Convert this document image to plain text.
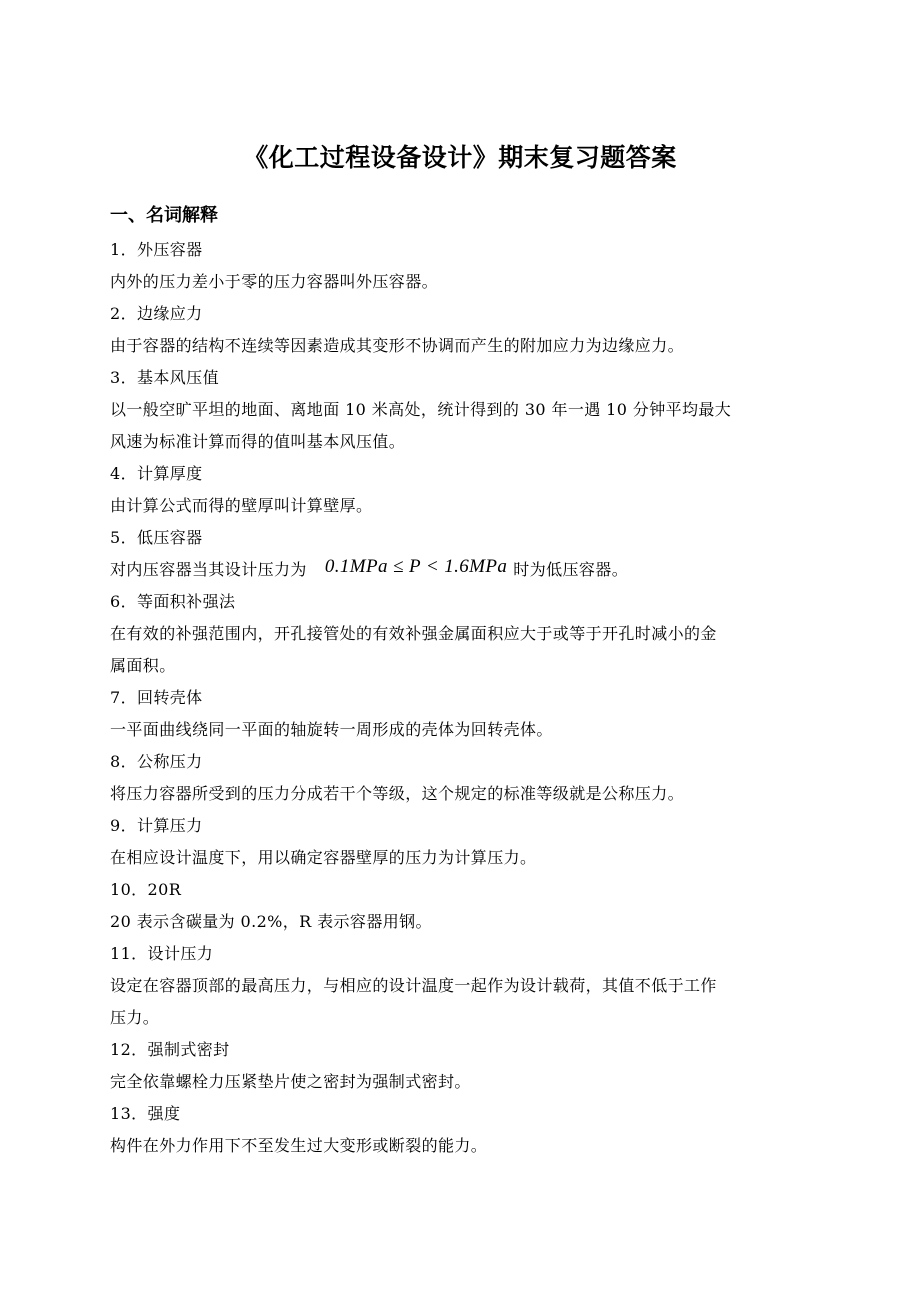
《化工过程设备设计》期末复习题答案
一、名词解释
1．外压容器
内外的压力差小于零的压力容器叫外压容器。
2．边缘应力
由于容器的结构不连续等因素造成其变形不协调而产生的附加应力为边缘应力。
3．基本风压值
以一般空旷平坦的地面、离地面 10 米高处，统计得到的 30 年一遇 10 分钟平均最大
风速为标准计算而得的值叫基本风压值。
4．计算厚度
由计算公式而得的壁厚叫计算壁厚。
5．低压容器
对内压容器当其设计压力为 0.1MPa ≤ P < 1.6MPa 时为低压容器。
6．等面积补强法
在有效的补强范围内，开孔接管处的有效补强金属面积应大于或等于开孔时减小的金
属面积。
7．回转壳体
一平面曲线绕同一平面的轴旋转一周形成的壳体为回转壳体。
8．公称压力
将压力容器所受到的压力分成若干个等级，这个规定的标准等级就是公称压力。
9．计算压力
在相应设计温度下，用以确定容器壁厚的压力为计算压力。
10．20R
20 表示含碳量为 0.2%，R 表示容器用钢。
11．设计压力
设定在容器顶部的最高压力，与相应的设计温度一起作为设计载荷，其值不低于工作
压力。
12．强制式密封
完全依靠螺栓力压紧垫片使之密封为强制式密封。
13．强度
构件在外力作用下不至发生过大变形或断裂的能力。
